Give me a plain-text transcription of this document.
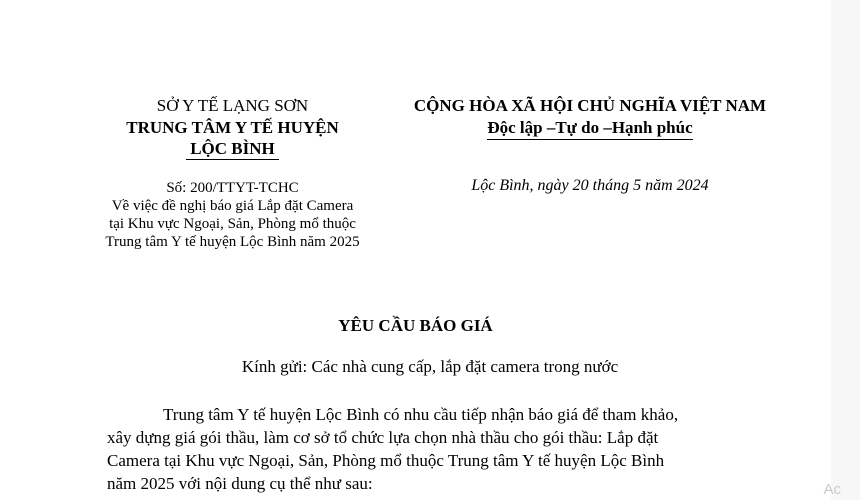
SỞ Y TẾ LẠNG SƠN
TRUNG TÂM Y TẾ HUYỆN
LỘC BÌNH
Số: 200/TTYT-TCHC
Về việc đề nghị báo giá Lắp đặt Camera
tại Khu vực Ngoại, Sản, Phòng mổ thuộc
Trung tâm Y tế huyện Lộc Bình năm 2025
CỘNG HÒA XÃ HỘI CHỦ NGHĨA VIỆT NAM
Độc lập –Tự do –Hạnh phúc
Lộc Bình, ngày 20 tháng 5 năm 2024
YÊU CẦU BÁO GIÁ
Kính gửi: Các nhà cung cấp, lắp đặt camera trong nước
Trung tâm Y tế huyện Lộc Bình có nhu cầu tiếp nhận báo giá để tham khảo,
xây dựng giá gói thầu, làm cơ sở tổ chức lựa chọn nhà thầu cho gói thầu: Lắp đặt
Camera tại Khu vực Ngoại, Sản, Phòng mổ thuộc Trung tâm Y tế huyện Lộc Bình
năm 2025 với nội dung cụ thể như sau:	Ac
